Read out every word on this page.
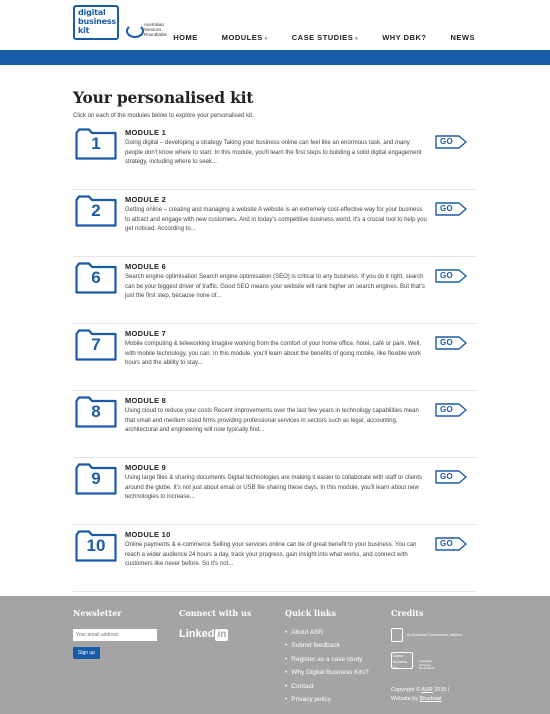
digital
business
kit
Australian
Services
Roundtable HOME	MODULES ▾	CASE STUDIES ▾	WHY DBK?	NEWS
Your personalised kit

Click on each of the modules below to explore your personalised kit.

1
MODULE 1
Going digital – developing a strategy Taking your business online can feel like an enormous task, and many people don't know where to start. In this module, you'll learn the first steps to building a solid digital engagement strategy, including where to seek...
GO
2
MODULE 2
Getting online – creating and managing a website A website is an extremely cost-effective way for your business to attract and engage with new customers. And in today's competitive business world, it's a crucial tool to help you get noticed. According to...
GO
6
MODULE 6
Search engine optimisation Search engine optimisation (SEO) is critical to any business. If you do it right, search can be your biggest driver of traffic. Good SEO means your website will rank higher on search engines. But that's just the first step, because none of...
GO
7
MODULE 7
Mobile computing & teleworking Imagine working from the comfort of your home office, hotel, café or park. Well, with mobile technology, you can. In this module, you'll learn about the benefits of going mobile, like flexible work hours and the ability to stay...
GO
8
MODULE 8
Using cloud to reduce your costs Recent improvements over the last few years in technology capabilities mean that small and medium sized firms providing professional services in sectors such as legal, accounting, architectural and engineering will now typically find...
GO
9
MODULE 9
Using large files & sharing documents Digital technologies are making it easier to collaborate with staff or clients around the globe. It's not just about email or USB file sharing these days. In this module, you'll learn about new technologies to increase...
GO
10
MODULE 10
Online payments & e-commerce Selling your services online can be of great benefit to your business. You can reach a wider audience 24 hours a day, track your progress, gain insight into what works, and connect with customers like never before. So it's not...
GO
Newsletter
Your email address
Sign up
Connect with us
Linked in
Quick links
• About ASR
• Submit feedback
• Register as a case study
• Why Digital Business Kits?
• Contact
• Privacy policy
Credits
An Australian Government Initiative
Digital
Business
Kit
Australian
Services
Roundtable
Copyright © ASR 2015 |
Website by Blueboat
